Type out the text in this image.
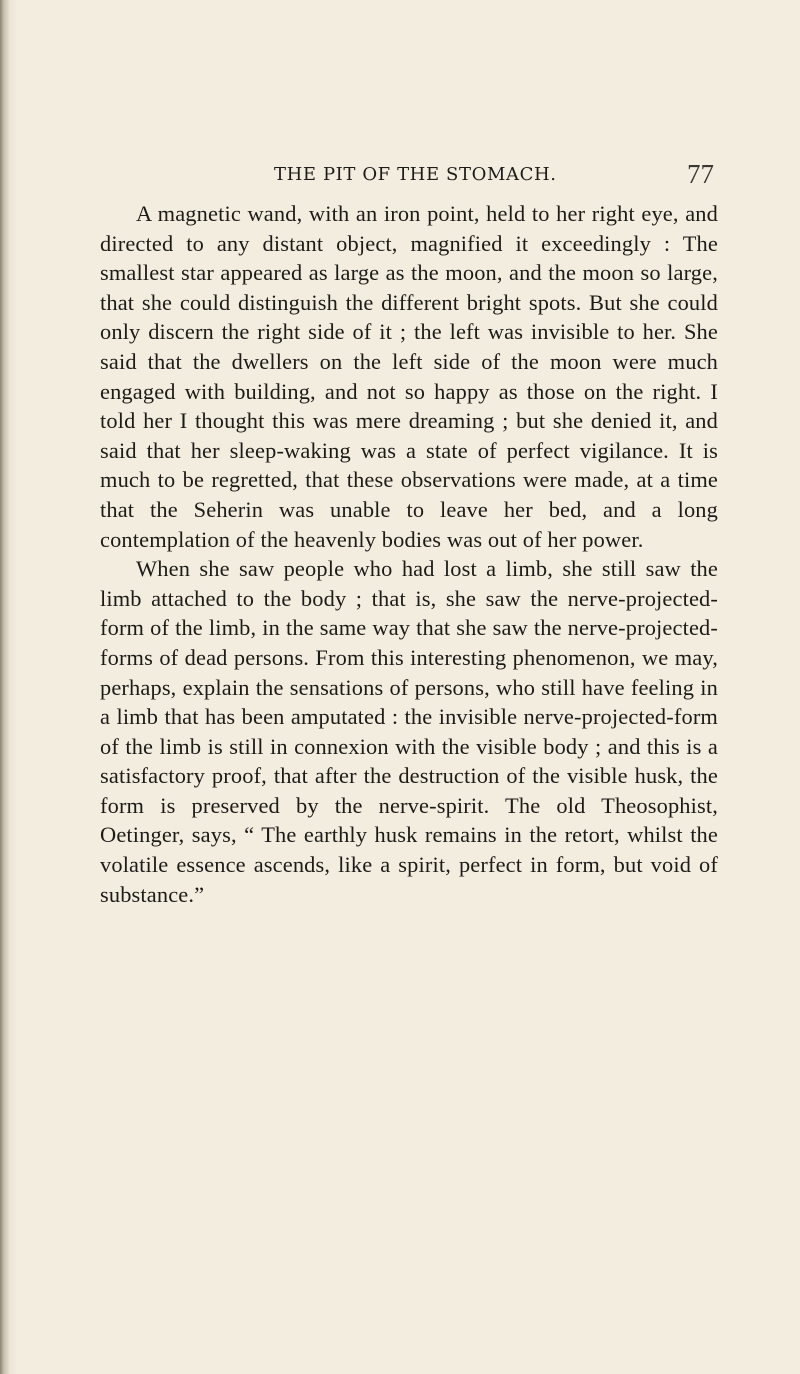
THE PIT OF THE STOMACH.	77

A magnetic wand, with an iron point, held to her right eye, and directed to any distant object, magnified it exceedingly : The smallest star appeared as large as the moon, and the moon so large, that she could distinguish the different bright spots. But she could only discern the right side of it ; the left was invisible to her. She said that the dwellers on the left side of the moon were much engaged with building, and not so happy as those on the right. I told her I thought this was mere dreaming ; but she denied it, and said that her sleep-waking was a state of perfect vigilance. It is much to be regretted, that these observations were made, at a time that the Seherin was unable to leave her bed, and a long contemplation of the heavenly bodies was out of her power.

When she saw people who had lost a limb, she still saw the limb attached to the body ; that is, she saw the nerve-projected-form of the limb, in the same way that she saw the nerve-projected-forms of dead persons. From this interesting phenomenon, we may, perhaps, explain the sensations of persons, who still have feeling in a limb that has been amputated : the invisible nerve-projected-form of the limb is still in connexion with the visible body ; and this is a satisfactory proof, that after the destruction of the visible husk, the form is preserved by the nerve-spirit. The old Theosophist, Oetinger, says, “ The earthly husk remains in the retort, whilst the volatile essence ascends, like a spirit, perfect in form, but void of substance.”
